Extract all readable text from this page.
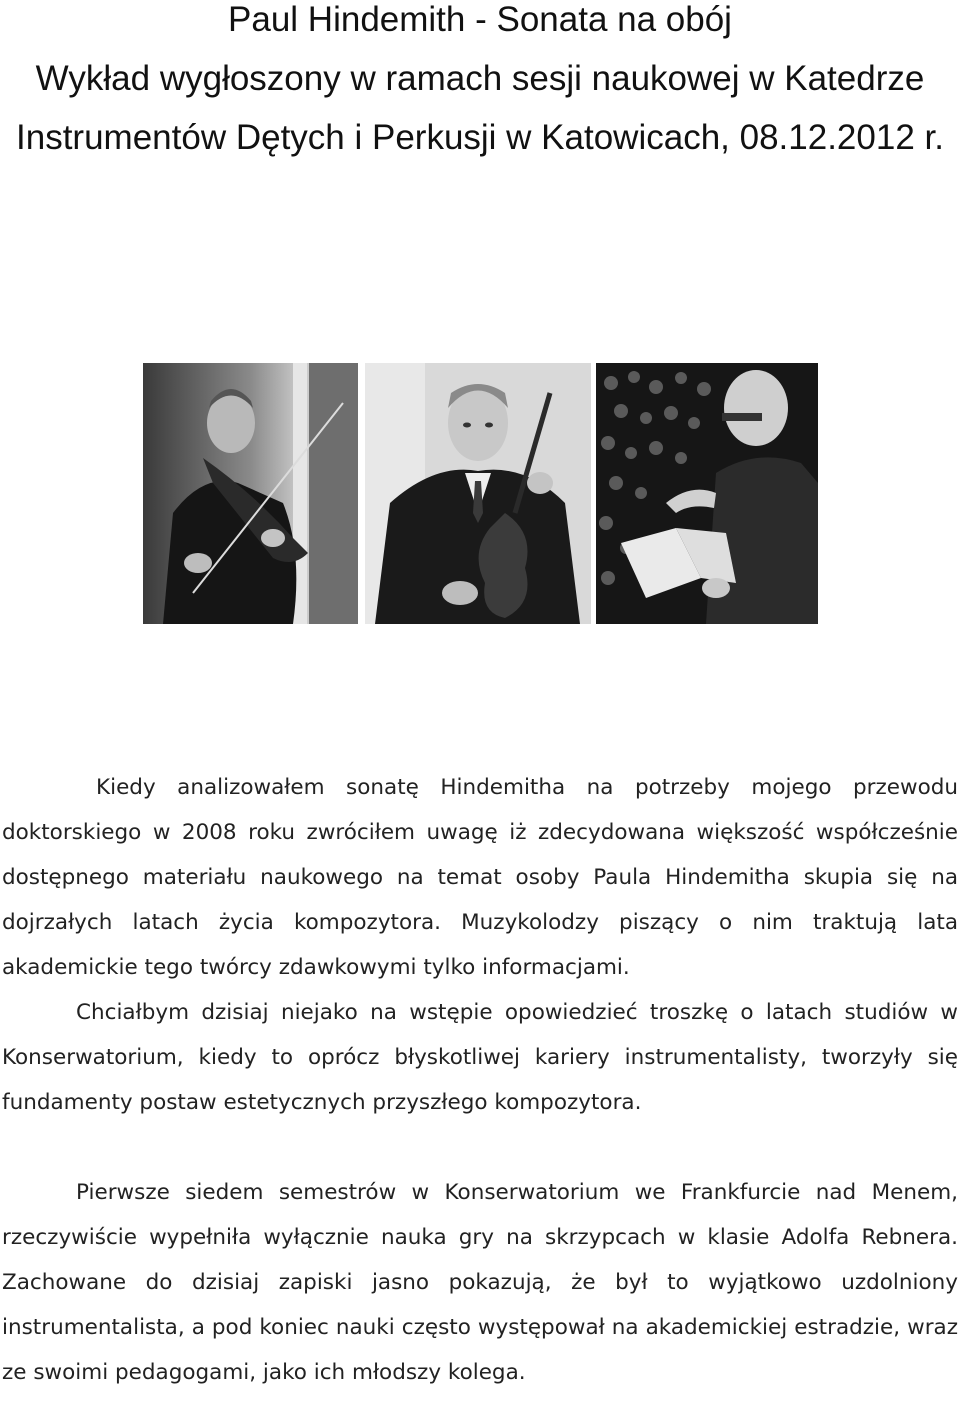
Paul Hindemith - Sonata na obój
Wykład wygłoszony w ramach sesji naukowej w Katedrze
Instrumentów Dętych i Perkusji w Katowicach, 08.12.2012 r.

Kiedy analizowałem sonatę Hindemitha na potrzeby mojego przewodu doktorskiego w 2008 roku zwróciłem uwagę iż zdecydowana większość współcześnie dostępnego materiału naukowego na temat osoby Paula Hindemitha skupia się na dojrzałych latach życia kompozytora. Muzykolodzy piszący o nim traktują lata akademickie tego twórcy zdawkowymi tylko informacjami.

Chciałbym dzisiaj niejako na wstępie opowiedzieć troszkę o latach studiów w Konserwatorium, kiedy to oprócz błyskotliwej kariery instrumentalisty, tworzyły się fundamenty postaw estetycznych przyszłego kompozytora.

Pierwsze siedem semestrów w Konserwatorium we Frankfurcie nad Menem, rzeczywiście wypełniła wyłącznie nauka gry na skrzypcach w klasie Adolfa Rebnera. Zachowane do dzisiaj zapiski jasno pokazują, że był to wyjątkowo uzdolniony instrumentalista, a pod koniec nauki często występował na akademickiej estradzie, wraz ze swoimi pedagogami, jako ich młodszy kolega.
